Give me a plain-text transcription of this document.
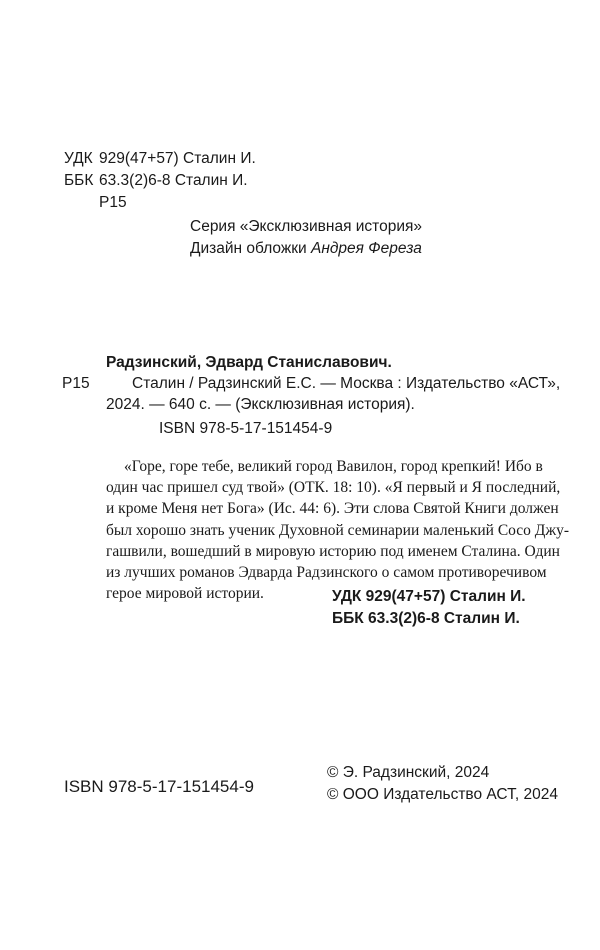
УДК 929(47+57) Сталин И.
ББК 63.3(2)6-8 Сталин И.
Р15
Серия «Эксклюзивная история»
Дизайн обложки Андрея Фереза
Радзинский, Эдвард Станиславович.
Р15	Сталин / Радзинский Е.С. — Москва : Издательство «АСТ»,
2024. — 640 с. — (Эксклюзивная история).
ISBN 978-5-17-151454-9
«Горе, горе тебе, великий город Вавилон, город крепкий! Ибо в
один час пришел суд твой» (ОТК. 18: 10). «Я первый и Я последний,
и кроме Меня нет Бога» (Ис. 44: 6). Эти слова Святой Книги должен
был хорошо знать ученик Духовной семинарии маленький Сосо Джу-
гашвили, вошедший в мировую историю под именем Сталина. Один
из лучших романов Эдварда Радзинского о самом противоречивом
герое мировой истории.	УДК 929(47+57) Сталин И.
ББК 63.3(2)6-8 Сталин И.
ISBN 978-5-17-151454-9
© Э. Радзинский, 2024
© ООО Издательство АСТ, 2024
